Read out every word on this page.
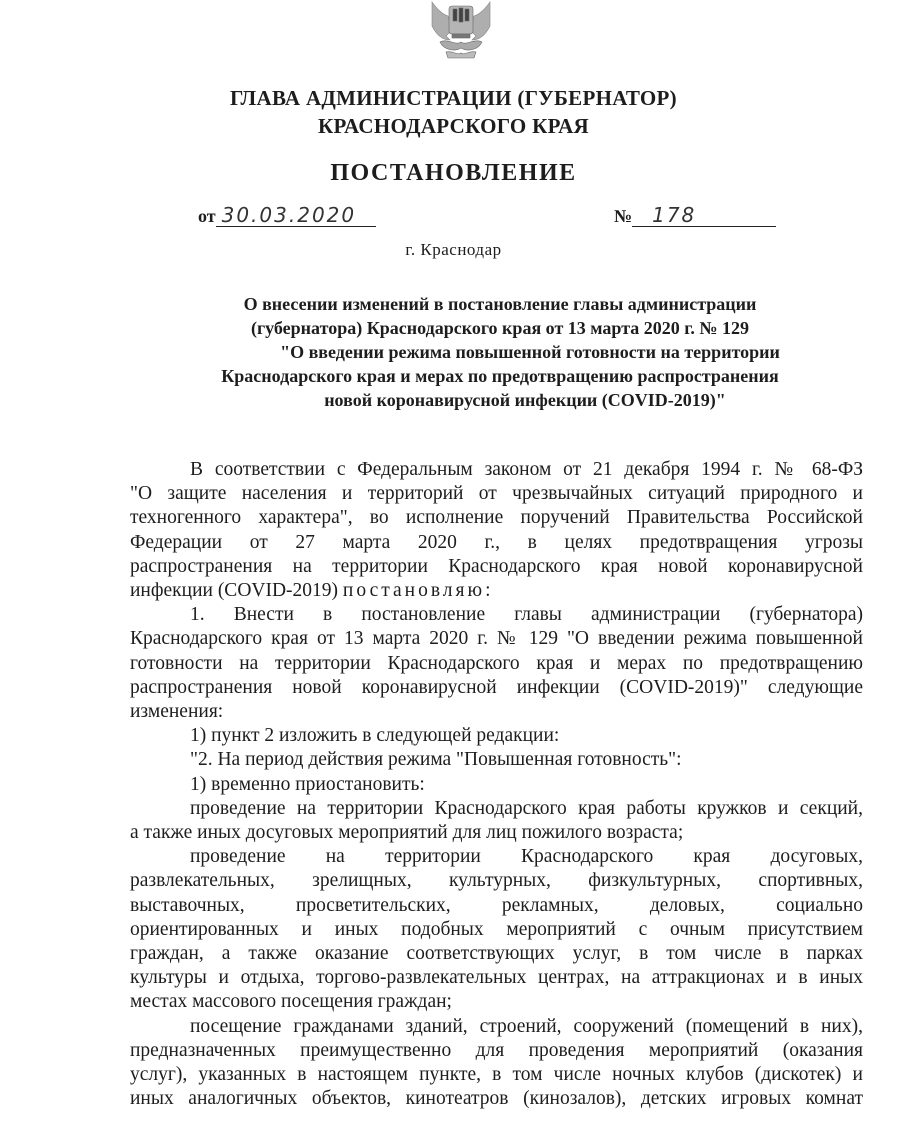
ГЛАВА АДМИНИСТРАЦИИ (ГУБЕРНАТОР)
КРАСНОДАРСКОГО КРАЯ
ПОСТАНОВЛЕНИЕ
от 30.03.2020	№ 178
г. Краснодар
О внесении изменений в постановление главы администрации
(губернатора) Краснодарского края от 13 марта 2020 г. № 129
"О введении режима повышенной готовности на территории
Краснодарского края и мерах по предотвращению распространения
новой коронавирусной инфекции (COVID-2019)"
В соответствии с Федеральным законом от 21 декабря 1994 г. № 68-ФЗ
"О защите населения и территорий от чрезвычайных ситуаций природного и
техногенного характера", во исполнение поручений Правительства Российской
Федерации от 27 марта 2020 г., в целях предотвращения угрозы
распространения на территории Краснодарского края новой коронавирусной
инфекции (COVID-2019) постановляю:
1. Внести в постановление главы администрации (губернатора)
Краснодарского края от 13 марта 2020 г. № 129 "О введении режима повышенной
готовности на территории Краснодарского края и мерах по предотвращению
распространения новой коронавирусной инфекции (COVID-2019)" следующие
изменения:
1) пункт 2 изложить в следующей редакции:
"2. На период действия режима "Повышенная готовность":
1) временно приостановить:
проведение на территории Краснодарского края работы кружков и секций,
а также иных досуговых мероприятий для лиц пожилого возраста;
проведение на территории Краснодарского края досуговых,
развлекательных, зрелищных, культурных, физкультурных, спортивных,
выставочных, просветительских, рекламных, деловых, социально
ориентированных и иных подобных мероприятий с очным присутствием
граждан, а также оказание соответствующих услуг, в том числе в парках
культуры и отдыха, торгово-развлекательных центрах, на аттракционах и в иных
местах массового посещения граждан;
посещение гражданами зданий, строений, сооружений (помещений в них),
предназначенных преимущественно для проведения мероприятий (оказания
услуг), указанных в настоящем пункте, в том числе ночных клубов (дискотек) и
иных аналогичных объектов, кинотеатров (кинозалов), детских игровых комнат
